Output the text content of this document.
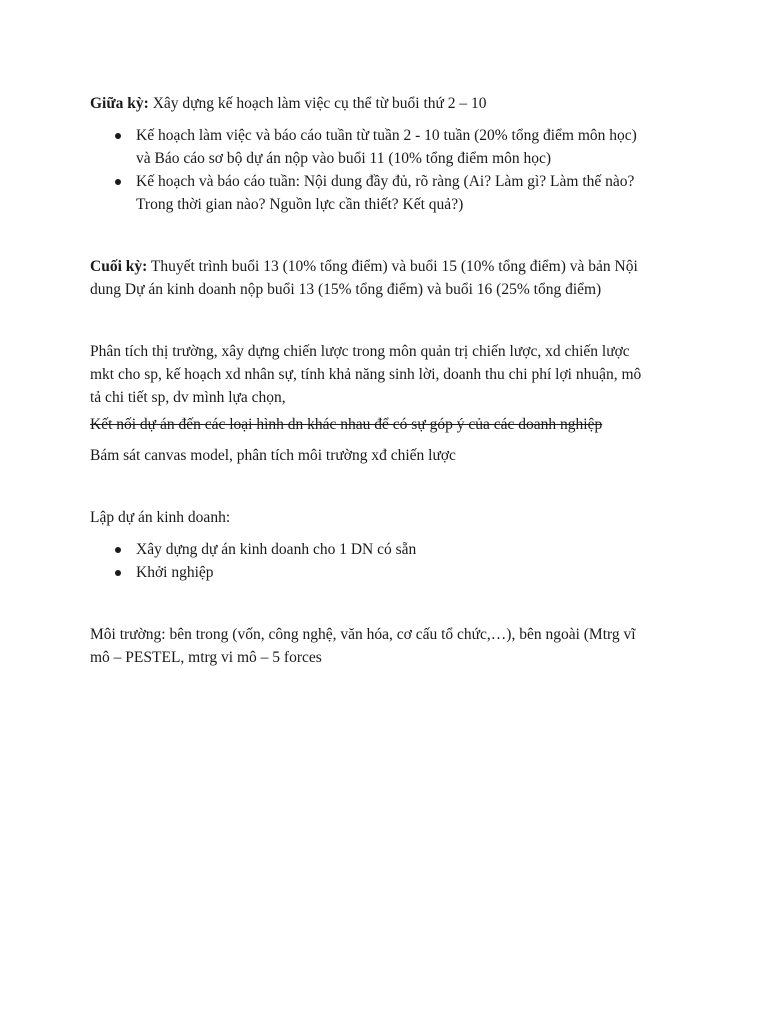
Giữa kỳ: Xây dựng kế hoạch làm việc cụ thể từ buổi thứ 2 – 10

Kế hoạch làm việc và báo cáo tuần từ tuần 2 - 10 tuần (20% tổng điểm môn học)
và Báo cáo sơ bộ dự án nộp vào buổi 11 (10% tổng điểm môn học)
Kế hoạch và báo cáo tuần: Nội dung đầy đủ, rõ ràng (Ai? Làm gì? Làm thế nào?
Trong thời gian nào? Nguồn lực cần thiết? Kết quả?)

Cuối kỳ: Thuyết trình buổi 13 (10% tổng điểm) và buổi 15 (10% tổng điểm) và bản Nội
dung Dự án kinh doanh nộp buổi 13 (15% tổng điểm) và buổi 16 (25% tổng điểm)

Phân tích thị trường, xây dựng chiến lược trong môn quản trị chiến lược, xd chiến lược
mkt cho sp, kế hoạch xd nhân sự, tính khả năng sinh lời, doanh thu chi phí lợi nhuận, mô
tả chi tiết sp, dv mình lựa chọn,

Kết nối dự án đến các loại hình dn khác nhau để có sự góp ý của các doanh nghiệp

Bám sát canvas model, phân tích môi trường xđ chiến lược

Lập dự án kinh doanh:

Xây dựng dự án kinh doanh cho 1 DN có sẵn
Khởi nghiệp

Môi trường: bên trong (vốn, công nghệ, văn hóa, cơ cấu tổ chức,…), bên ngoài (Mtrg vĩ
mô – PESTEL, mtrg vi mô – 5 forces
